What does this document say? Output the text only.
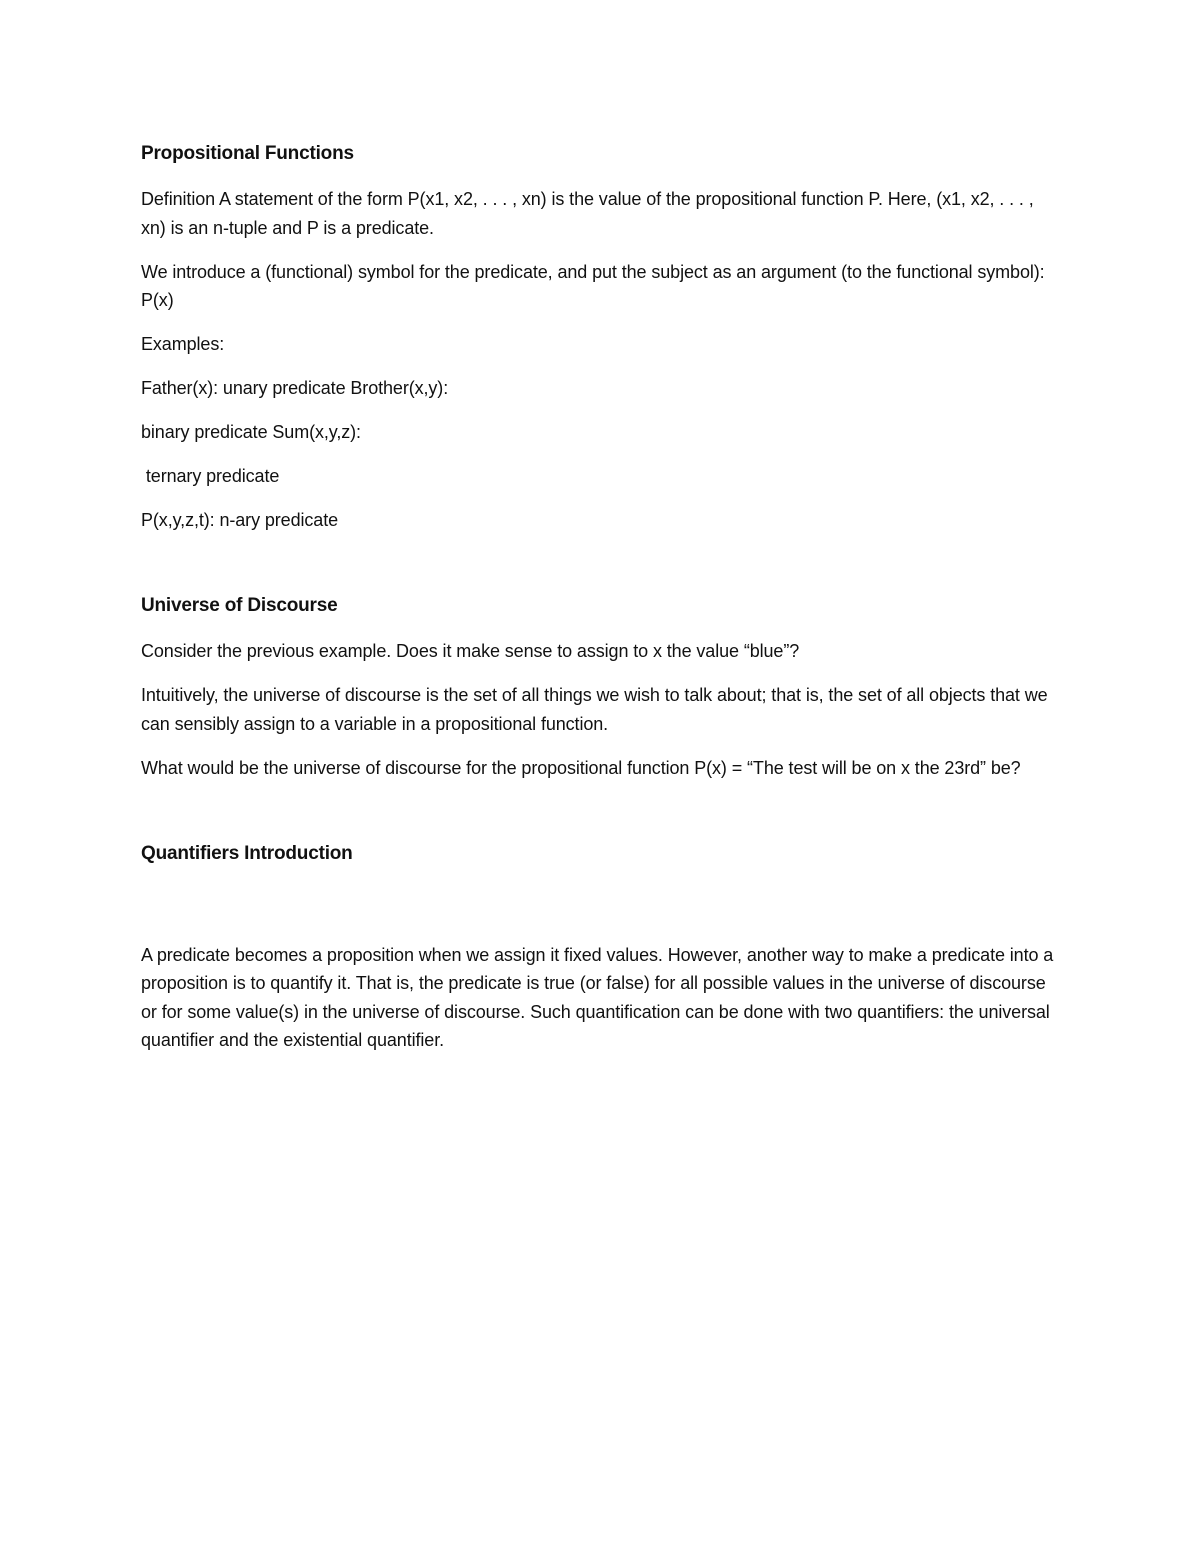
Propositional Functions
Definition A statement of the form P(x1, x2, . . . , xn) is the value of the propositional function P. Here, (x1, x2, . . . , xn) is an n-tuple and P is a predicate.
We introduce a (functional) symbol for the predicate, and put the subject as an argument (to the functional symbol): P(x)
Examples:
Father(x): unary predicate Brother(x,y):
binary predicate Sum(x,y,z):
ternary predicate
P(x,y,z,t): n-ary predicate
Universe of Discourse
Consider the previous example. Does it make sense to assign to x the value “blue”?
Intuitively, the universe of discourse is the set of all things we wish to talk about; that is, the set of all objects that we can sensibly assign to a variable in a propositional function.
What would be the universe of discourse for the propositional function P(x) = “The test will be on x the 23rd” be?
Quantifiers Introduction
A predicate becomes a proposition when we assign it fixed values. However, another way to make a predicate into a proposition is to quantify it. That is, the predicate is true (or false) for all possible values in the universe of discourse or for some value(s) in the universe of discourse. Such quantification can be done with two quantifiers: the universal quantifier and the existential quantifier.
